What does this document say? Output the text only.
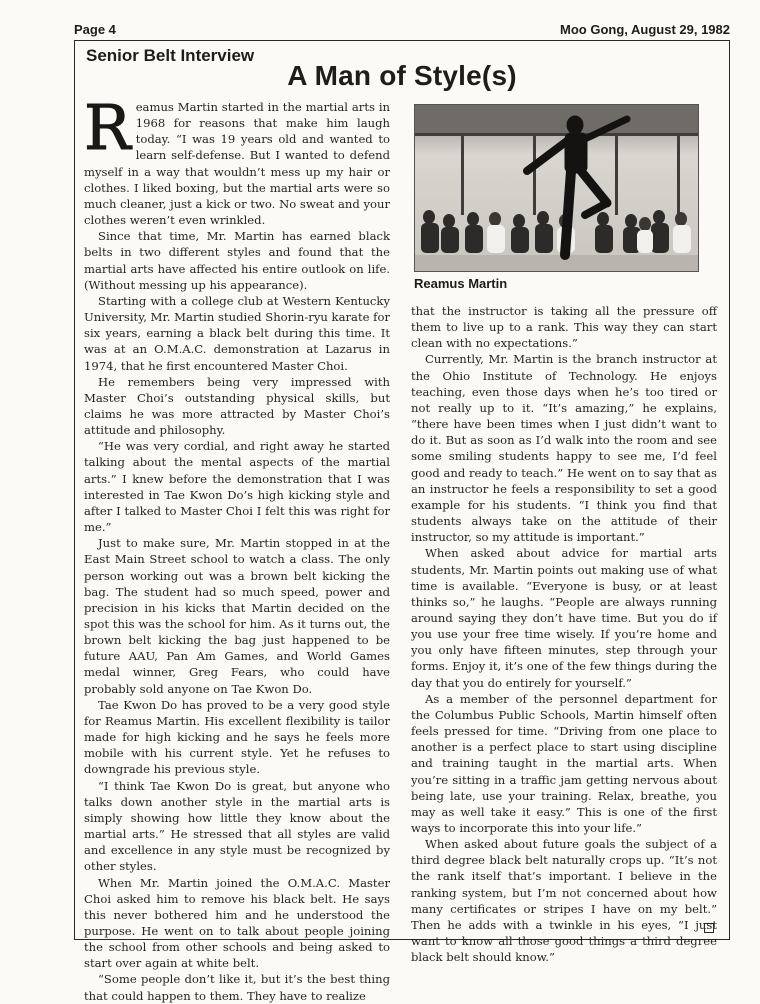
Page 4	Moo Gong, August 29, 1982
Senior Belt Interview
A Man of Style(s)

Reamus Martin started in the martial arts in 1968 for reasons that make him laugh today. “I was 19 years old and wanted to learn self-defense. But I wanted to defend myself in a way that wouldn’t mess up my hair or clothes. I liked boxing, but the martial arts were so much cleaner, just a kick or two. No sweat and your clothes weren’t even wrinkled.

Since that time, Mr. Martin has earned black belts in two different styles and found that the martial arts have affected his entire outlook on life. (Without messing up his appearance).

Starting with a college club at Western Kentucky University, Mr. Martin studied Shorin-ryu karate for six years, earning a black belt during this time. It was at an O.M.A.C. demonstration at Lazarus in 1974, that he first encountered Master Choi.

He remembers being very impressed with Master Choi’s outstanding physical skills, but claims he was more attracted by Master Choi’s attitude and philosophy.

“He was very cordial, and right away he started talking about the mental aspects of the martial arts.” I knew before the demonstration that I was interested in Tae Kwon Do’s high kicking style and after I talked to Master Choi I felt this was right for me.”

Just to make sure, Mr. Martin stopped in at the East Main Street school to watch a class. The only person working out was a brown belt kicking the bag. The student had so much speed, power and precision in his kicks that Martin decided on the spot this was the school for him. As it turns out, the brown belt kicking the bag just happened to be future AAU, Pan Am Games, and World Games medal winner, Greg Fears, who could have probably sold anyone on Tae Kwon Do.

Tae Kwon Do has proved to be a very good style for Reamus Martin. His excellent flexibility is tailor made for high kicking and he says he feels more mobile with his current style. Yet he refuses to downgrade his previous style.

“I think Tae Kwon Do is great, but anyone who talks down another style in the martial arts is simply showing how little they know about the martial arts.” He stressed that all styles are valid and excellence in any style must be recognized by other styles.

When Mr. Martin joined the O.M.A.C. Master Choi asked him to remove his black belt. He says this never bothered him and he understood the purpose. He went on to talk about people joining the school from other schools and being asked to start over again at white belt.

“Some people don’t like it, but it’s the best thing that could happen to them. They have to realize

Reamus Martin

that the instructor is taking all the pressure off them to live up to a rank. This way they can start clean with no expectations.”

Currently, Mr. Martin is the branch instructor at the Ohio Institute of Technology. He enjoys teaching, even those days when he’s too tired or not really up to it. “It’s amazing,” he explains, “there have been times when I just didn’t want to do it. But as soon as I’d walk into the room and see some smiling students happy to see me, I’d feel good and ready to teach.” He went on to say that as an instructor he feels a responsibility to set a good example for his students. “I think you find that students always take on the attitude of their instructor, so my attitude is important.”

When asked about advice for martial arts students, Mr. Martin points out making use of what time is available. “Everyone is busy, or at least thinks so,” he laughs. “People are always running around saying they don’t have time. But you do if you use your free time wisely. If you’re home and you only have fifteen minutes, step through your forms. Enjoy it, it’s one of the few things during the day that you do entirely for yourself.”

As a member of the personnel department for the Columbus Public Schools, Martin himself often feels pressed for time. “Driving from one place to another is a perfect place to start using discipline and training taught in the martial arts. When you’re sitting in a traffic jam getting nervous about being late, use your training. Relax, breathe, you may as well take it easy.” This is one of the first ways to incorporate this into your life.”

When asked about future goals the subject of a third degree black belt naturally crops up. “It’s not the rank itself that’s important. I believe in the ranking system, but I’m not concerned about how many certificates or stripes I have on my belt.” Then he adds with a twinkle in his eyes, “I just want to know all those good things a third degree black belt should know.”
